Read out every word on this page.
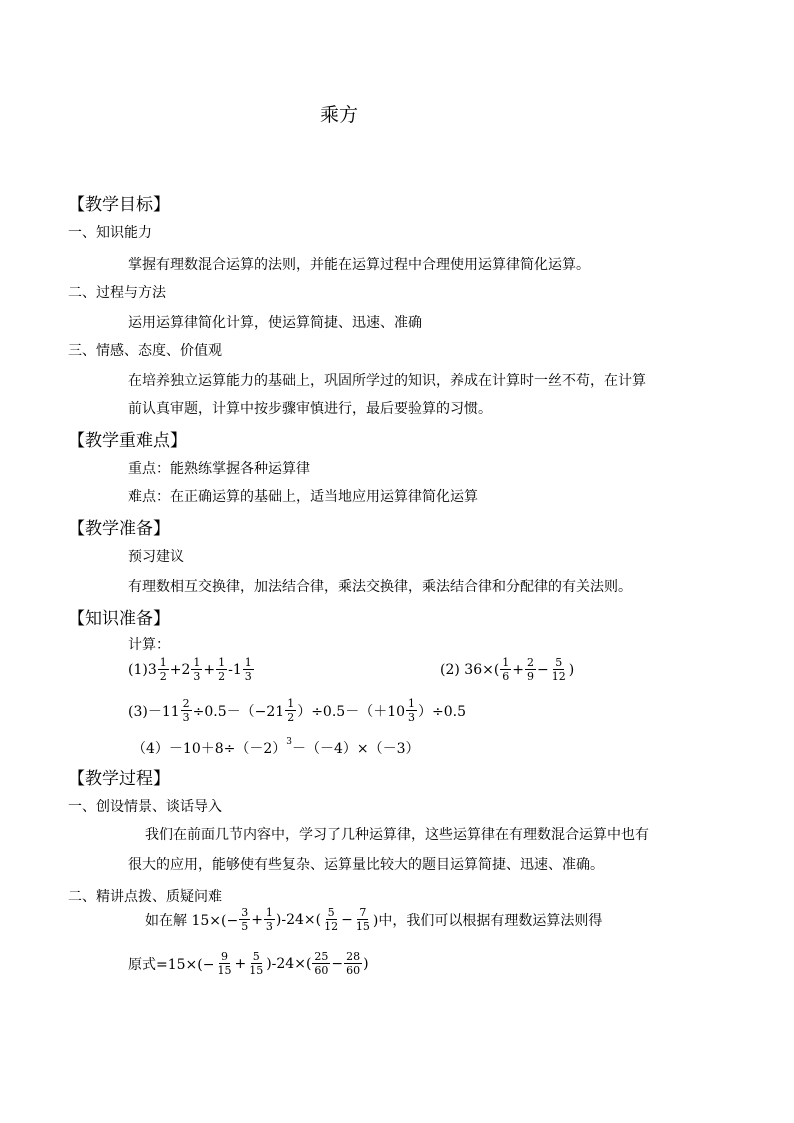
乘方
【教学目标】
一、知识能力
掌握有理数混合运算的法则，并能在运算过程中合理使用运算律简化运算。
二、过程与方法
运用运算律简化计算，使运算简捷、迅速、准确
三、情感、态度、价值观
在培养独立运算能力的基础上，巩固所学过的知识，养成在计算时一丝不苟，在计算
前认真审题，计算中按步骤审慎进行，最后要验算的习惯。
【教学重难点】
重点：能熟练掌握各种运算律
难点：在正确运算的基础上，适当地应用运算律简化运算
【教学准备】
预习建议
有理数相互交换律，加法结合律，乘法交换律，乘法结合律和分配律的有关法则。
【知识准备】
计算：
$(1)3 \frac{1}{2} +2 \frac{1}{3} + \frac{1}{2} -1 \frac{1}{3}$	(2) $36\times( \frac{1}{6} + \frac{2}{9} - \frac{5}{12}$ )
$(3)-11 \frac{2}{3} \div 0.5-(-21 \frac{1}{2} )\div 0.5-(+10 \frac{1}{3} )\div 0.5$
（4）－10＋8÷（－2） 3 －（－4）×（－3）
【教学过程】
一、创设情景、谈话导入
我们在前面几节内容中，学习了几种运算律，这些运算律在有理数混合运算中也有
很大的应用，能够使有些复杂、运算量比较大的题目运算简捷、迅速、准确。
二、精讲点拨、质疑问难
如在解 $15\times(- \frac{3}{5} + \frac{1}{3} )-24\times( \frac{5}{12} - \frac{7}{15}$ )中，我们可以根据有理数运算法则得
原式$=15\times(- \frac{9}{15} + \frac{5}{15} )-24\times( \frac{25}{60} - \frac{28}{60}$ )
